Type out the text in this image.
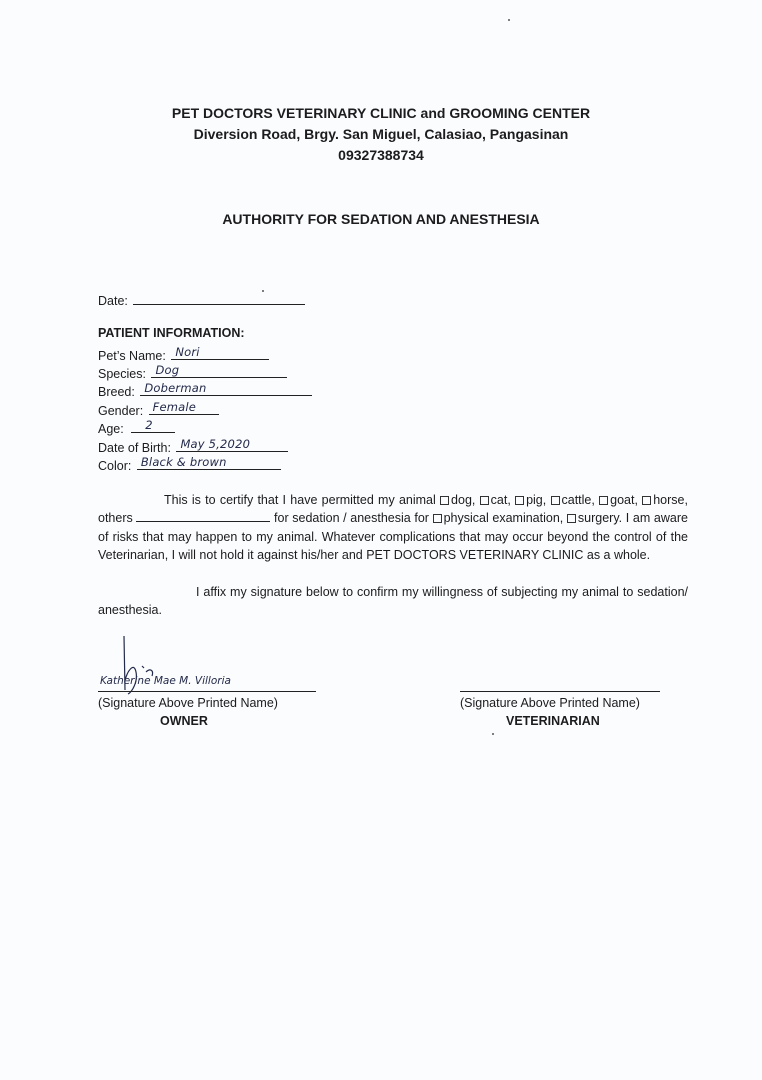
PET DOCTORS VETERINARY CLINIC and GROOMING CENTER
Diversion Road, Brgy. San Miguel, Calasiao, Pangasinan
09327388734
AUTHORITY FOR SEDATION AND ANESTHESIA
Date:
PATIENT INFORMATION:
Pet’s Name: Nori
Species: Dog
Breed: Doberman
Gender: Female
Age: 2
Date of Birth: May 5,2020
Color: Black & brown
This is to certify that I have permitted my animal dog, cat, pig, cattle, goat, horse, others	for sedation / anesthesia for physical examination, surgery. I am aware of risks that may happen to my animal. Whatever complications that may occur beyond the control of the Veterinarian, I will not hold it against his/her and PET DOCTORS VETERINARY CLINIC as a whole.
I affix my signature below to confirm my willingness of subjecting my animal to sedation/ anesthesia.
Katherine Mae M. Villoria
(Signature Above Printed Name)
OWNER
(Signature Above Printed Name)
VETERINARIAN
